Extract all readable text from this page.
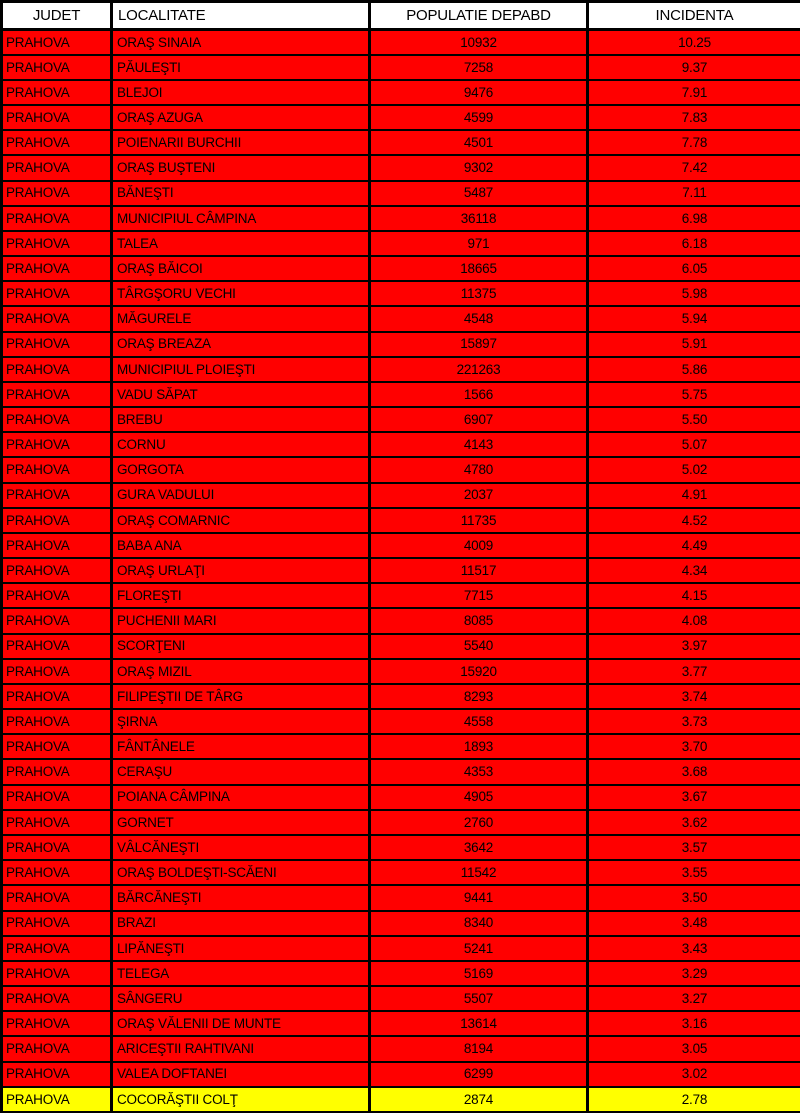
JUDET	LOCALITATE	POPULATIE DEPABD	INCIDENTA
PRAHOVA	ORAŞ SINAIA	10932	10.25
PRAHOVA	PĂULEŞTI	7258	9.37
PRAHOVA	BLEJOI	9476	7.91
PRAHOVA	ORAŞ AZUGA	4599	7.83
PRAHOVA	POIENARII BURCHII	4501	7.78
PRAHOVA	ORAŞ BUŞTENI	9302	7.42
PRAHOVA	BĂNEŞTI	5487	7.11
PRAHOVA	MUNICIPIUL CÂMPINA	36118	6.98
PRAHOVA	TALEA	971	6.18
PRAHOVA	ORAŞ BĂICOI	18665	6.05
PRAHOVA	TÂRGŞORU VECHI	11375	5.98
PRAHOVA	MĂGURELE	4548	5.94
PRAHOVA	ORAŞ BREAZA	15897	5.91
PRAHOVA	MUNICIPIUL PLOIEŞTI	221263	5.86
PRAHOVA	VADU SĂPAT	1566	5.75
PRAHOVA	BREBU	6907	5.50
PRAHOVA	CORNU	4143	5.07
PRAHOVA	GORGOTA	4780	5.02
PRAHOVA	GURA VADULUI	2037	4.91
PRAHOVA	ORAŞ COMARNIC	11735	4.52
PRAHOVA	BABA ANA	4009	4.49
PRAHOVA	ORAŞ URLAŢI	11517	4.34
PRAHOVA	FLOREŞTI	7715	4.15
PRAHOVA	PUCHENII MARI	8085	4.08
PRAHOVA	SCORŢENI	5540	3.97
PRAHOVA	ORAŞ MIZIL	15920	3.77
PRAHOVA	FILIPEŞTII DE TÂRG	8293	3.74
PRAHOVA	ŞIRNA	4558	3.73
PRAHOVA	FÂNTÂNELE	1893	3.70
PRAHOVA	CERAŞU	4353	3.68
PRAHOVA	POIANA CÂMPINA	4905	3.67
PRAHOVA	GORNET	2760	3.62
PRAHOVA	VÂLCĂNEŞTI	3642	3.57
PRAHOVA	ORAŞ BOLDEŞTI-SCĂENI	11542	3.55
PRAHOVA	BĂRCĂNEŞTI	9441	3.50
PRAHOVA	BRAZI	8340	3.48
PRAHOVA	LIPĂNEŞTI	5241	3.43
PRAHOVA	TELEGA	5169	3.29
PRAHOVA	SÂNGERU	5507	3.27
PRAHOVA	ORAŞ VĂLENII DE MUNTE	13614	3.16
PRAHOVA	ARICEŞTII RAHTIVANI	8194	3.05
PRAHOVA	VALEA DOFTANEI	6299	3.02
PRAHOVA	COCORĂŞTII COLŢ	2874	2.78
